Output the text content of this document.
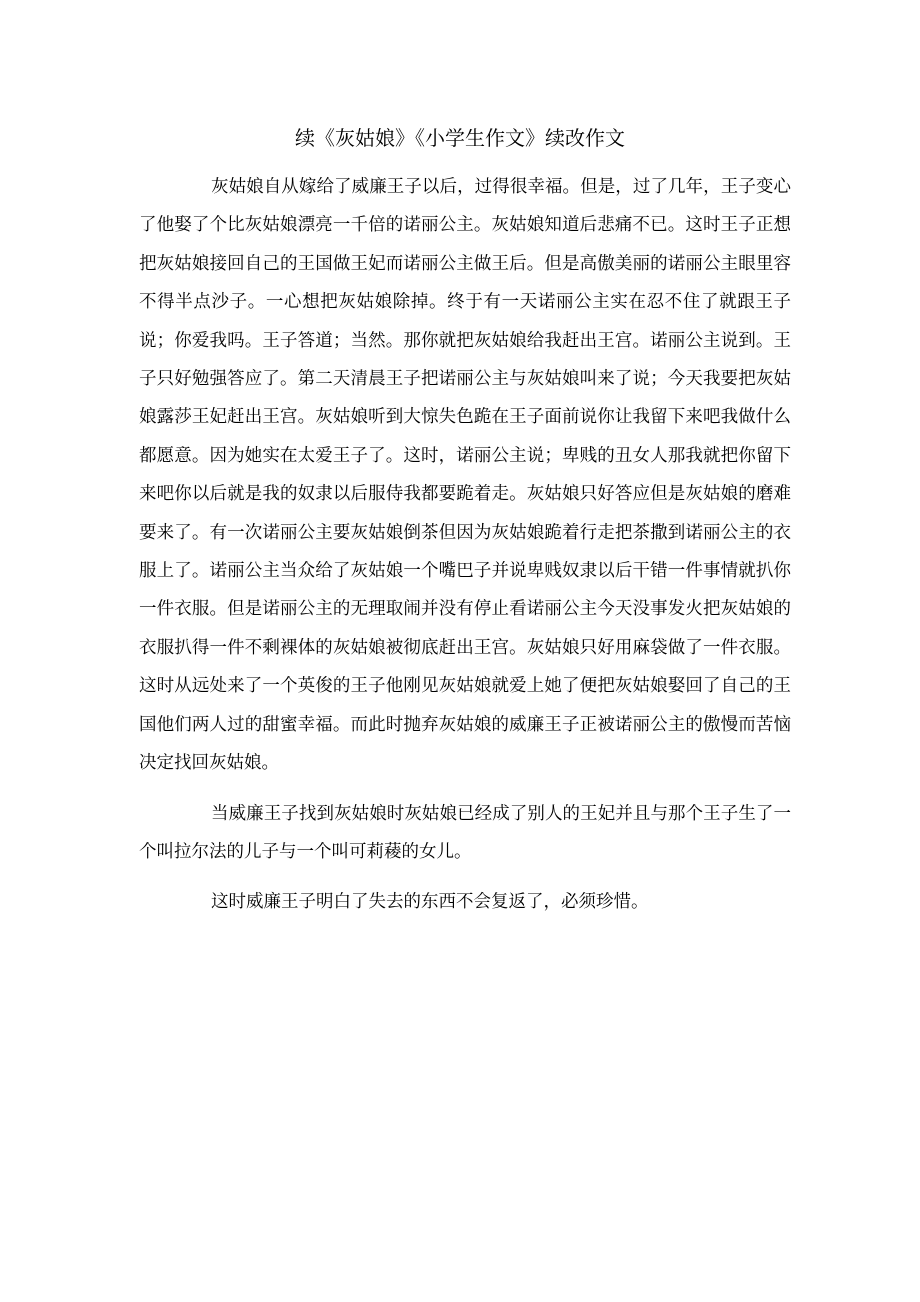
续《灰姑娘》《小学生作文》续改作文

灰姑娘自从嫁给了威廉王子以后，过得很幸福。但是，过了几年，王子变心了他娶了个比灰姑娘漂亮一千倍的诺丽公主。灰姑娘知道后悲痛不已。这时王子正想把灰姑娘接回自己的王国做王妃而诺丽公主做王后。但是高傲美丽的诺丽公主眼里容不得半点沙子。一心想把灰姑娘除掉。终于有一天诺丽公主实在忍不住了就跟王子说；你爱我吗。王子答道；当然。那你就把灰姑娘给我赶出王宫。诺丽公主说到。王子只好勉强答应了。第二天清晨王子把诺丽公主与灰姑娘叫来了说；今天我要把灰姑娘露莎王妃赶出王宫。灰姑娘听到大惊失色跪在王子面前说你让我留下来吧我做什么都愿意。因为她实在太爱王子了。这时，诺丽公主说；卑贱的丑女人那我就把你留下来吧你以后就是我的奴隶以后服侍我都要跪着走。灰姑娘只好答应但是灰姑娘的磨难要来了。有一次诺丽公主要灰姑娘倒茶但因为灰姑娘跪着行走把茶撒到诺丽公主的衣服上了。诺丽公主当众给了灰姑娘一个嘴巴子并说卑贱奴隶以后干错一件事情就扒你一件衣服。但是诺丽公主的无理取闹并没有停止看诺丽公主今天没事发火把灰姑娘的衣服扒得一件不剩裸体的灰姑娘被彻底赶出王宫。灰姑娘只好用麻袋做了一件衣服。这时从远处来了一个英俊的王子他刚见灰姑娘就爱上她了便把灰姑娘娶回了自己的王国他们两人过的甜蜜幸福。而此时抛弃灰姑娘的威廉王子正被诺丽公主的傲慢而苦恼决定找回灰姑娘。

当威廉王子找到灰姑娘时灰姑娘已经成了别人的王妃并且与那个王子生了一个叫拉尔法的儿子与一个叫可莉薐的女儿。

这时威廉王子明白了失去的东西不会复返了，必须珍惜。
